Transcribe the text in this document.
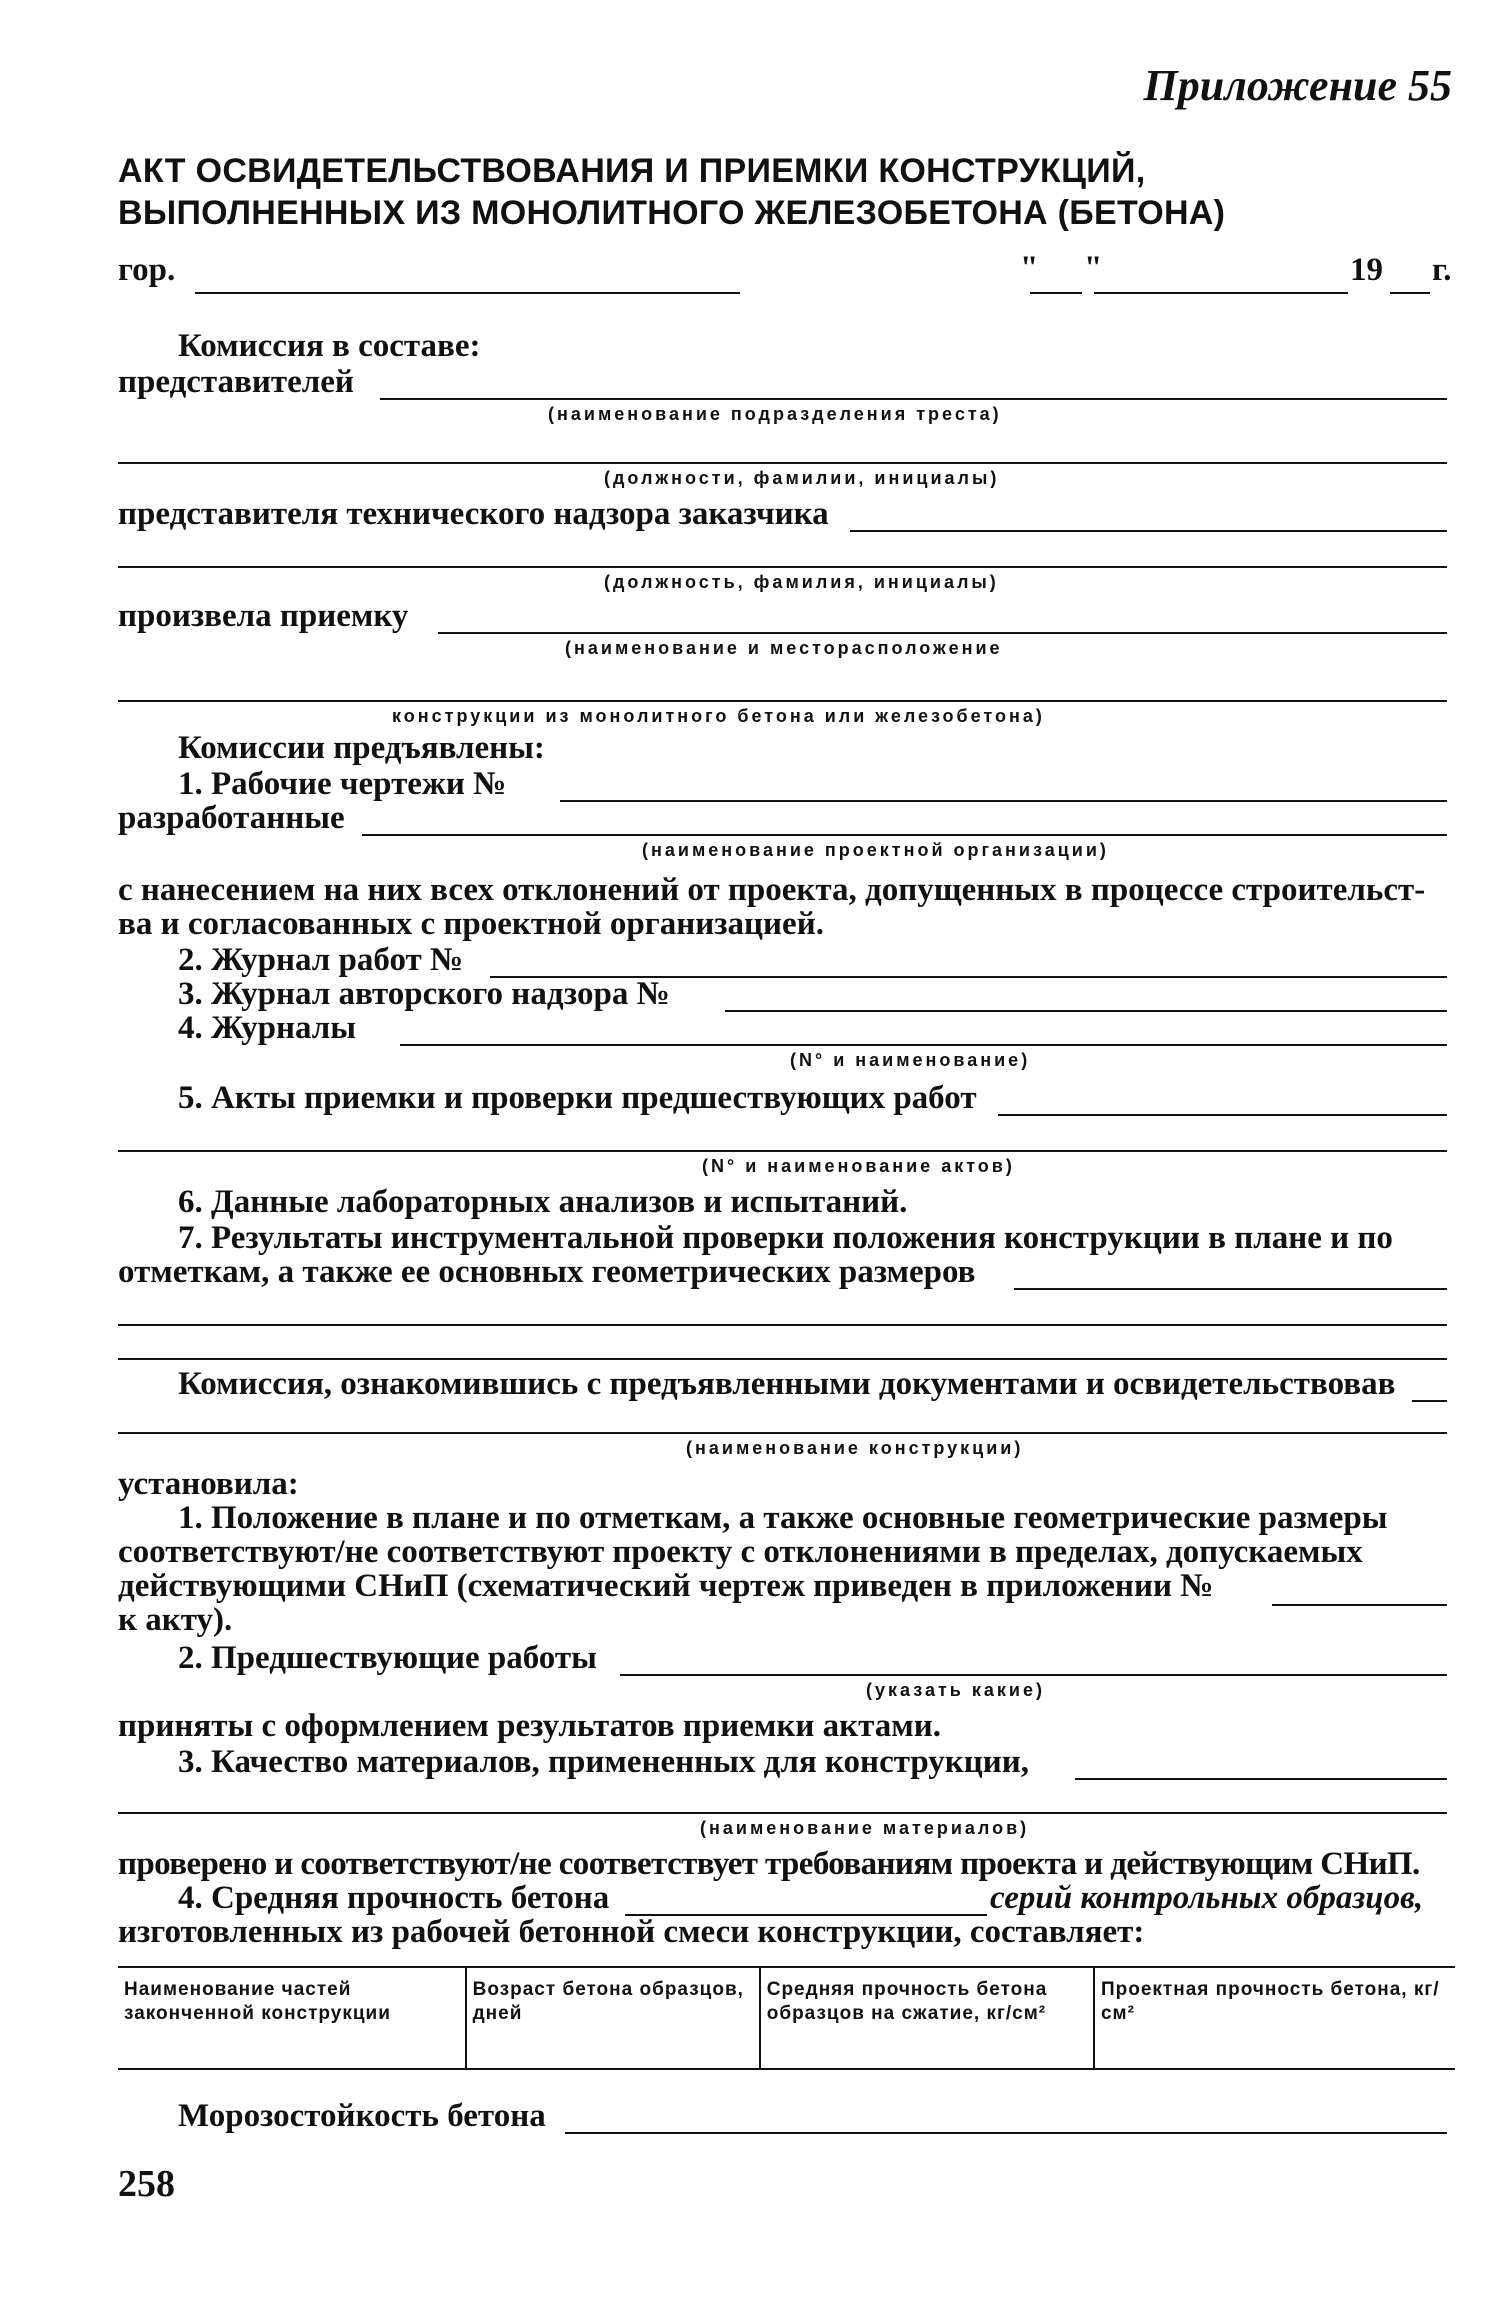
Приложение 55
АКТ ОСВИДЕТЕЛЬСТВОВАНИЯ И ПРИЕМКИ КОНСТРУКЦИЙ,
ВЫПОЛНЕННЫХ ИЗ МОНОЛИТНОГО ЖЕЛЕЗОБЕТОНА (БЕТОНА)
гор.	" "	19 г.
Комиссия в составе:
представителей
(наименование подразделения треста)
(должности, фамилии, инициалы)
представителя технического надзора заказчика
(должность, фамилия, инициалы)
произвела приемку
(наименование и месторасположение
конструкции из монолитного бетона или железобетона)
Комиссии предъявлены:
1. Рабочие чертежи №
разработанные
(наименование проектной организации)
с нанесением на них всех отклонений от проекта, допущенных в процессе строительст-
ва и согласованных с проектной организацией.
2. Журнал работ №
3. Журнал авторского надзора №
4. Журналы
(N° и наименование)
5. Акты приемки и проверки предшествующих работ
(N° и наименование актов)
6. Данные лабораторных анализов и испытаний.
7. Результаты инструментальной проверки положения конструкции в плане и по
отметкам, а также ее основных геометрических размеров
Комиссия, ознакомившись с предъявленными документами и освидетельствовав
(наименование конструкции)
установила:
1. Положение в плане и по отметкам, а также основные геометрические размеры
соответствуют/не соответствуют проекту с отклонениями в пределах, допускаемых
действующими СНиП (схематический чертеж приведен в приложении №
к акту).
2. Предшествующие работы
(указать какие)
приняты с оформлением результатов приемки актами.
3. Качество материалов, примененных для конструкции,
(наименование материалов)
проверено и соответствуют/не соответствует требованиям проекта и действующим СНиП.
4. Средняя прочность бетона	серий контрольных образцов,
изготовленных из рабочей бетонной смеси конструкции, составляет:
Наименование частей законченной конструкции	Возраст бетона образцов, дней	Средняя прочность бетона образцов на сжатие, кг/см²	Проектная прочность бетона, кг/см²
Морозостойкость бетона
258
